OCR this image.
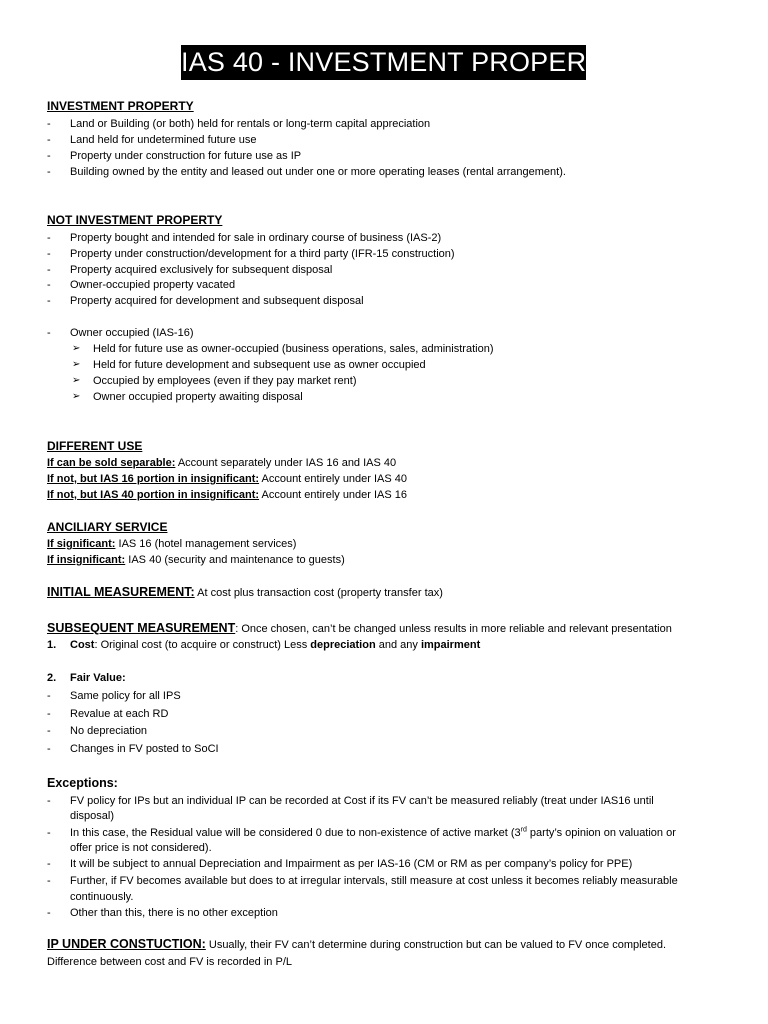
IAS 40 - INVESTMENT PROPERTY
INVESTMENT PROPERTY
- Land or Building (or both) held for rentals or long-term capital appreciation
- Land held for undetermined future use
- Property under construction for future use as IP
- Building owned by the entity and leased out under one or more operating leases (rental arrangement).
NOT INVESTMENT PROPERTY
- Property bought and intended for sale in ordinary course of business (IAS-2)
- Property under construction/development for a third party (IFR-15 construction)
- Property acquired exclusively for subsequent disposal
- Owner-occupied property vacated
- Property acquired for development and subsequent disposal
- Owner occupied (IAS-16)
➢ Held for future use as owner-occupied (business operations, sales, administration)
➢ Held for future development and subsequent use as owner occupied
➢ Occupied by employees (even if they pay market rent)
➢ Owner occupied property awaiting disposal
DIFFERENT USE
If can be sold separable: Account separately under IAS 16 and IAS 40
If not, but IAS 16 portion in insignificant: Account entirely under IAS 40
If not, but IAS 40 portion in insignificant: Account entirely under IAS 16
ANCILIARY SERVICE
If significant: IAS 16 (hotel management services)
If insignificant: IAS 40 (security and maintenance to guests)
INITIAL MEASUREMENT: At cost plus transaction cost (property transfer tax)
SUBSEQUENT MEASUREMENT: Once chosen, can’t be changed unless results in more reliable and relevant presentation
1. Cost: Original cost (to acquire or construct) Less depreciation and any impairment
2. Fair Value:
- Same policy for all IPS
- Revalue at each RD
- No depreciation
- Changes in FV posted to SoCI
Exceptions:
- FV policy for IPs but an individual IP can be recorded at Cost if its FV can’t be measured reliably (treat under IAS16 until
disposal)
- In this case, the Residual value will be considered 0 due to non-existence of active market (3rd party’s opinion on valuation or
offer price is not considered).
- It will be subject to annual Depreciation and Impairment as per IAS-16 (CM or RM as per company’s policy for PPE)
- Further, if FV becomes available but does to at irregular intervals, still measure at cost unless it becomes reliably measurable
continuously.
- Other than this, there is no other exception
IP UNDER CONSTUCTION: Usually, their FV can’t determine during construction but can be valued to FV once completed.
Difference between cost and FV is recorded in P/L
